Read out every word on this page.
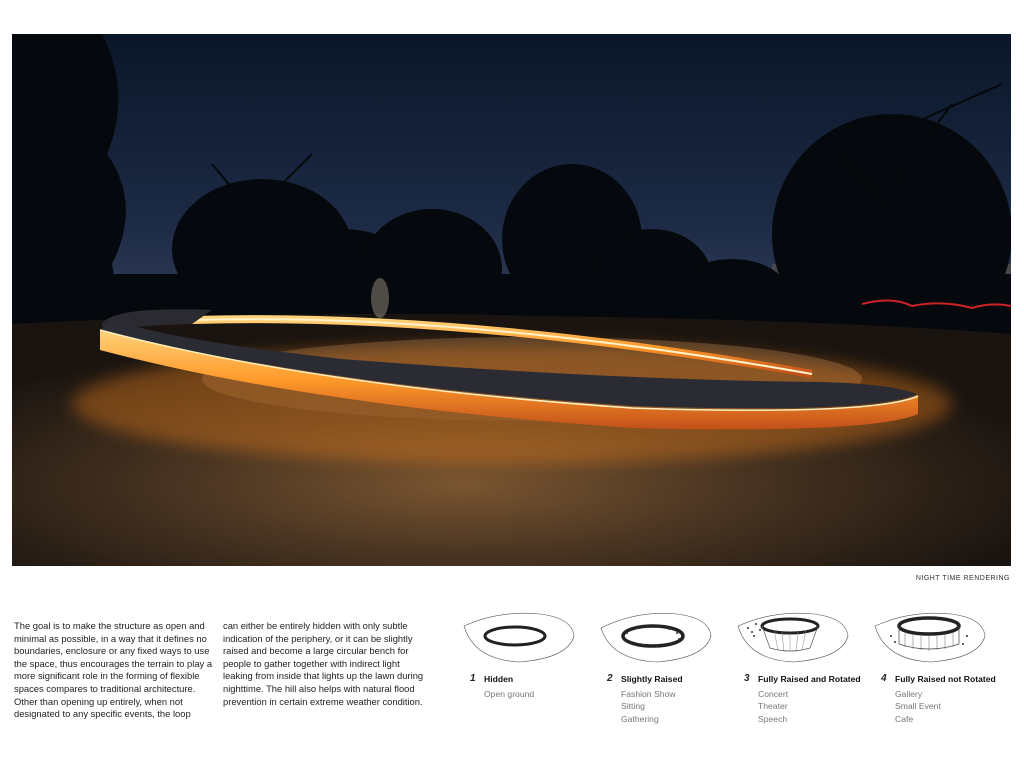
NIGHT TIME RENDERING
The goal is to make the structure as open and minimal as possible, in a way that it defines no boundaries, enclosure or any fixed ways to use the space, thus encourages the terrain to play a more significant role in the forming of flexible spaces compares to traditional architecture. Other than opening up entirely, when not designated to any specific events, the loop
can either be entirely hidden with only subtle indication of the periphery, or it can be slightly raised and become a large circular bench for people to gather together with indirect light leaking from inside that lights up the lawn during nighttime. The hill also helps with natural flood prevention in certain extreme weather condition.
1 Hidden
Open ground
2 Slightly Raised
Fashion Show
Sitting
Gathering
3 Fully Raised and Rotated
Concert
Theater
Speech
4 Fully Raised not Rotated
Gallery
Small Event
Cafe
